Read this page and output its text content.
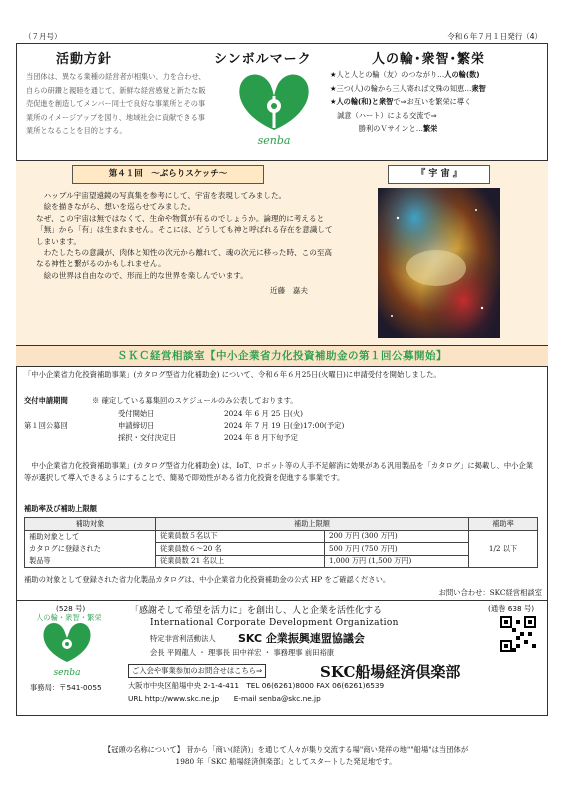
（７月号）	令和６年７月１日発行（4）
活動方針	シンボルマーク	人の輪･衆智･繁栄
当団体は、異なる業種の経営者が相集い、力を合わせ、自らの研鑽と親睦を通じて、新鮮な経営感覚と新たな販売促進を創造してメンバー同士で良好な事業所とその事業所のイメージアップを図り、地域社会に貢献できる事業所となることを目的とする。
senba
★人と人との輪（友）のつながり…人の輪(数)
★三つ(人)の輪から三人寄れば文殊の知恵…衆智
★人の輪(和)と衆智で⇒お互いを繁栄に導く
　誠意（ハート）による交流で⇒
　　　　勝利のＶサインと…繁栄
第４１回　～ぶらりスケッチ～	『 宇 宙 』

　ハッブル宇宙望遠鏡の写真集を参考にして、宇宙を表現してみました。

　絵を描きながら、想いを巡らせてみました。

なぜ、この宇宙は無ではなくて、生命や物質が有るのでしょうか。論理的に考えると「無」から「有」は生まれません。そこには、どうしても神と呼ばれる存在を意識してしまいます。

　わたしたちの意識が、肉体と知性の次元から離れて、魂の次元に移った時、この至高なる神性と繋がるのかもしれません。

　絵の世界は自由なので、形而上的な世界を楽しんでいます。

近藤　嘉夫

ＳＫＣ経営相談室【中小企業省力化投資補助金の第１回公募開始】
「中小企業省力化投資補助事業」(カタログ型省力化補助金) について、令和６年６月25日(火曜日)に申請受付を開始しました。
交付申請期間	※ 確定している募集回のスケジュールのみ公表しております。
第１回公募回
受付開始日	2024 年 6 月 25 日(火)
申請締切日	2024 年 7 月 19 日(金)17:00(予定)
採択・交付決定日	2024 年 8 月下旬予定
　中小企業省力化投資補助事業」(カタログ型省力化補助金) は、IoT、ロボット等の人手不足解消に効果がある汎用製品を「カタログ」に掲載し、中小企業等が選択して導入できるようにすることで、簡易で即効性がある省力化投資を促進する事業です。
補助率及び補助上限額
補助対象	補助上限額		補助率

補助対象として
カタログに登録された
製品等	従業員数５名以下	200 万円 (300 万円)	1/2 以下
	従業員数６～20 名	500 万円 (750 万円)	
	従業員数 21 名以上	1,000 万円 (1,500 万円)	
補助の対象として登録された省力化製品カタログは、中小企業省力化投資補助金の公式 HP をご確認ください。
お問い合わせ：SKC経営相談室
(528 号)
人の輪・衆智・繁栄
senba
事務局：〒541-0055
「感謝そして希望を活力に」を創出し、人と企業を活性化する
International Corporate Development Organization
特定非営利活動法人 SKC 企業振興連盟協議会
会長 平岡龍人 ・ 理事長 田中祥宏 ・ 事務理事 前田裕康
ご入会や事業参加のお問合せはこちら⇒	SKC船場経済倶楽部
大阪市中央区船場中央 2-1-4-411　TEL 06(6261)8000 FAX 06(6261)6539
URL http://www.skc.ne.jp　　E-mail senba@skc.ne.jp
(通巻 638 号)
【冠頭の名称について】 昔から「商い(経済)」を通じて人々が集り交流する場"商い発祥の地""船場"は当団体が
1980 年「SKC 船場経済倶楽部」としてスタートした発足地です。
